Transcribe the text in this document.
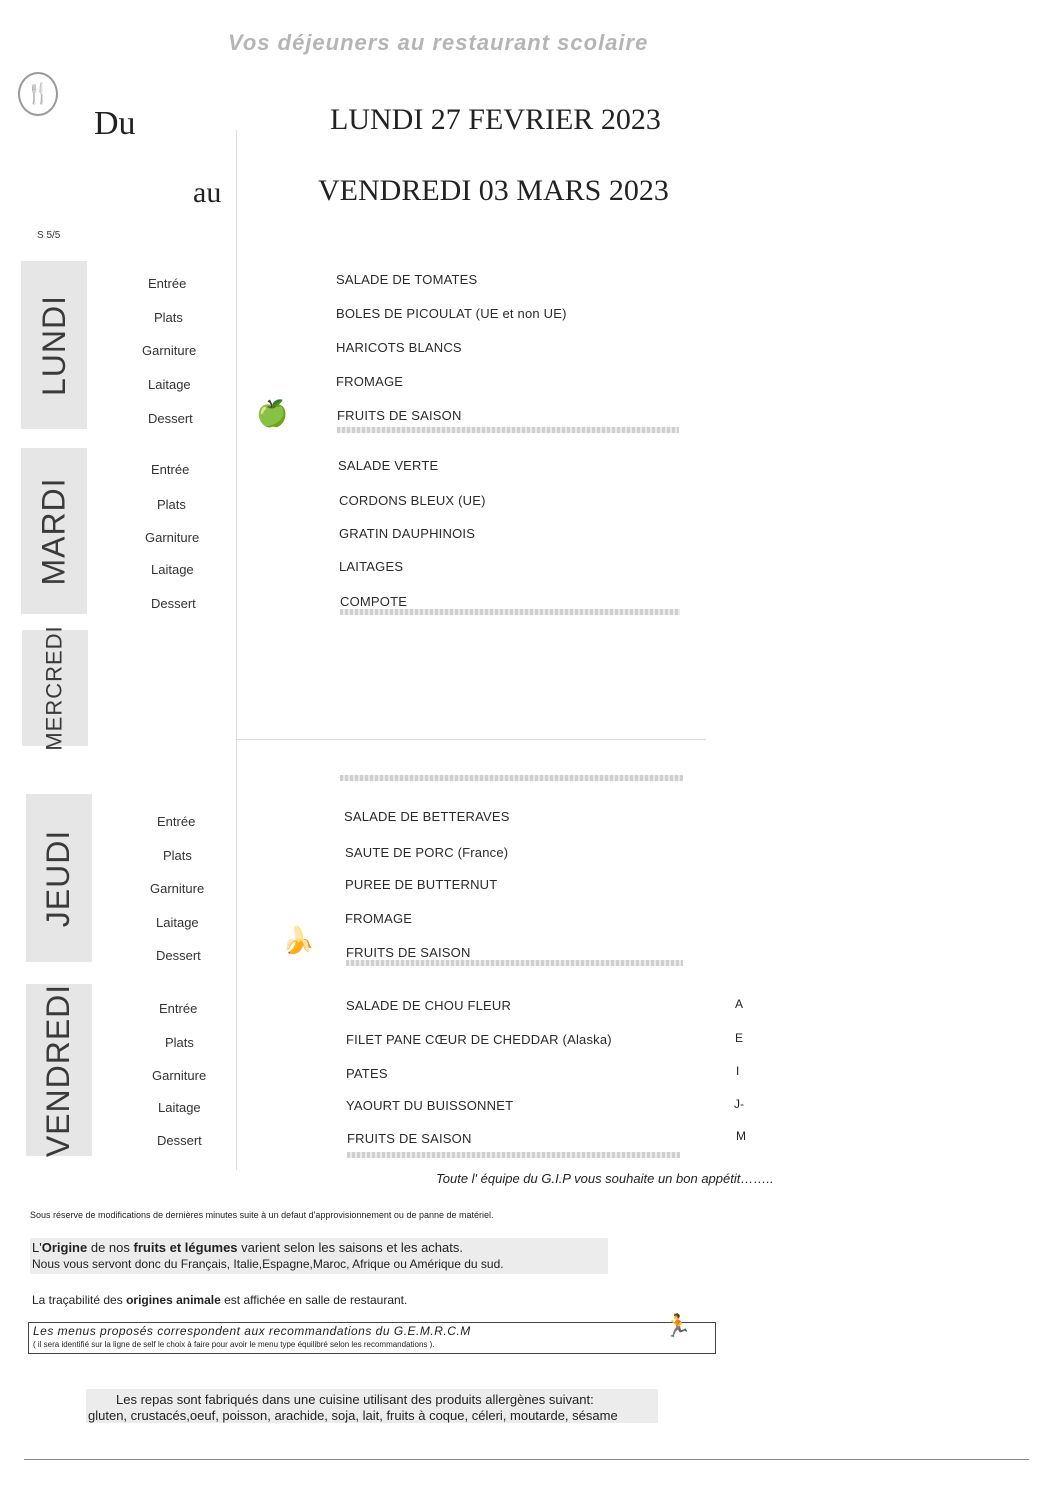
Vos déjeuners au restaurant scolaire
🍴
Du
au
LUNDI 27 FEVRIER 2023
VENDREDI 03 MARS 2023
S 5/5
LUNDI
Entrée
Plats
Garniture
Laitage
Dessert
SALADE DE TOMATES
BOLES DE PICOULAT (UE et non UE)
HARICOTS BLANCS
FROMAGE
FRUITS DE SAISON
🍏
MARDI
Entrée
Plats
Garniture
Laitage
Dessert
SALADE VERTE
CORDONS BLEUX (UE)
GRATIN DAUPHINOIS
LAITAGES
COMPOTE
MERCREDI
JEUDI
Entrée
Plats
Garniture
Laitage
Dessert
SALADE DE BETTERAVES
SAUTE DE PORC (France)
PUREE DE BUTTERNUT
FROMAGE
FRUITS DE SAISON
🍌
VENDREDI	Entrée
Plats
Garniture
Laitage
Dessert
SALADE DE CHOU FLEUR
FILET PANE CŒUR DE CHEDDAR (Alaska)
PATES
YAOURT DU BUISSONNET
FRUITS DE SAISON
A
E
I
J-
M
Toute l' équipe du G.I.P vous souhaite un bon appétit……..
Sous réserve de modifications de dernières minutes suite à un defaut d'approvisionnement ou de panne de matériel.
L'Origine de nos fruits et légumes varient selon les saisons et les achats.
Nous vous servont donc du Français, Italie,Espagne,Maroc, Afrique ou Amérique du sud.
La traçabilité des origines animale est affichée en salle de restaurant.
Les menus proposés correspondent aux recommandations du G.E.M.R.C.M
( il sera identifié sur la ligne de self le choix à faire pour avoir le menu type équilibré selon les recommandations ).
🏃
Les repas sont fabriqués dans une cuisine utilisant des produits allergènes suivant:
gluten, crustacés,oeuf, poisson, arachide, soja, lait, fruits à coque, céleri, moutarde, sésame
